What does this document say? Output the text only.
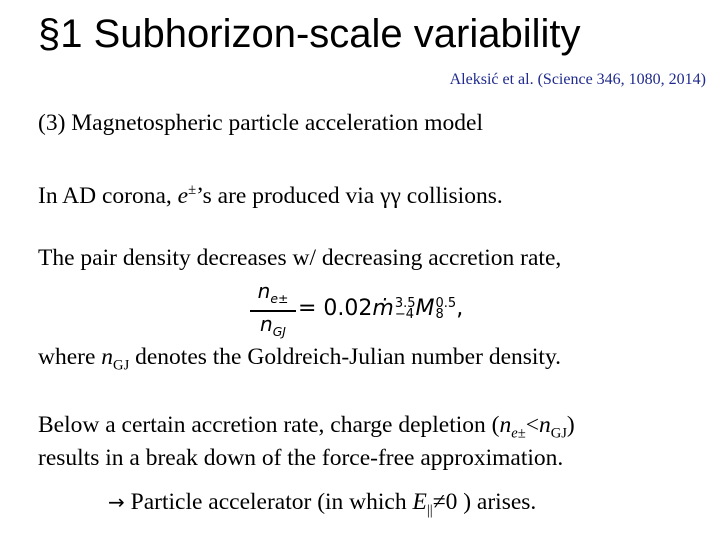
§1 Subhorizon-scale variability
Aleksić et al. (Science 346, 1080, 2014)
(3) Magnetospheric particle acceleration model
In AD corona, e±’s are produced via γγ collisions.
The pair density decreases w/ decreasing accretion rate,
$n_{e\pm}$
$n_{GJ}$
= 0.02ṁ 3.5
−4 M 0.5
8 ,
where $n_{GJ}$ denotes the Goldreich-Julian number density.
Below a certain accretion rate, charge depletion $(n_{e\pm}<n_{GJ})$
results in a break down of the force-free approximation.
→ Particle accelerator (in which $E_{||}\ne 0$ ) arises.
